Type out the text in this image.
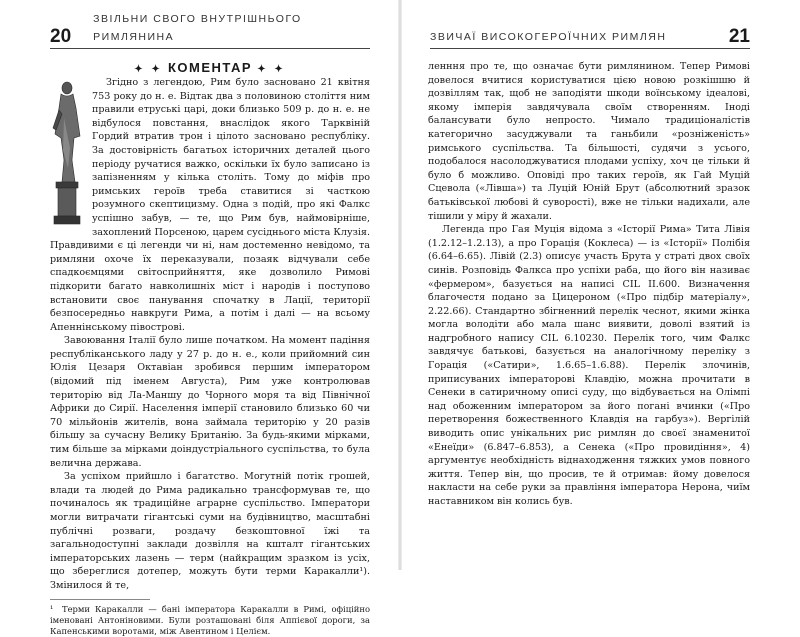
20
ЗВІЛЬНИ СВОГО ВНУТРІШНЬОГО РИМЛЯНИНА
✦ ✦ КОМЕНТАР ✦ ✦

Згідно з легендою, Рим було засновано 21 квітня 753 року до н. е. Відтак два з половиною століття ним правили етруські царі, доки близько 509 р. до н. е. не відбулося повстання, внаслідок якого Тарквіній Гордий втратив трон і цілото засновано республіку. За достовірність багатьох історичних деталей цього періоду ручатися важко, оскільки їх було записано із запізненням у кілька століть. Тому до міфів про римських героїв треба ставитися зі часткою розумного скептицизму. Одна з подій, про які Фалкс успішно забув, — те, що Рим був, наймовірніше, захоплений Порсеною, царем сусіднього міста Клузія. Правдивими є ці легенди чи ні, нам достеменно невідомо, та римляни охоче їх переказували, позаяк відчували себе спадкоємцями світосприйняття, яке дозволило Римові підкорити багато навколишніх міст і народів і поступово встановити своє панування спочатку в Лації, території безпосередньо навкруги Рима, а потім і далі — на всьому Апеннінському півострові.

Завоювання Італії було лише початком. На момент падіння республіканського ладу у 27 р. до н. е., коли прийомний син Юлія Цезаря Октавіан зробився першим імператором (відомий під іменем Августа), Рим уже контролював територію від Ла-Маншу до Чорного моря та від Північної Африки до Сирії. Населення імперії становило близько 60 чи 70 мільйонів жителів, вона займала територію у 20 разів більшу за сучасну Велику Британію. За будь-якими мірками, тим більше за мірками доіндустріального суспільства, то була велична держава.

За успіхом прийшло і багатство. Могутній потік грошей, влади та людей до Рима радикально трансформував те, що починалось як традиційне аграрне суспільство. Імператори могли витрачати гігантські суми на будівництво, масштабні публічні розваги, роздачу безкоштовної їжі та загальнодоступні заклади дозвілля на кшталт гігантських імператорських лазень — терм (найкращим зразком із усіх, що збереглися дотепер, можуть бути терми Каракалли¹). Змінилося й те,

¹ Терми Каракалли — бані імператора Каракалли в Римі, офіційно іменовані Антоніновими. Були розташовані біля Аппієвої дороги, за Капенськими воротами, між Авентином і Целієм.
ЗВИЧАЇ ВИСОКОГЕРОЇЧНИХ РИМЛЯН	21

ленння про те, що означає бути римлянином. Тепер Римові довелося вчитися користуватися цією новою розкішшю й дозвіллям так, щоб не заподіяти шкоди воїнському ідеалові, якому імперія завдячувала своїм створенням. Іноді балансувати було непросто. Чимало традиціоналістів категорично засуджували та ганьбили «розніженість» римського суспільства. Та більшості, судячи з усього, подобалося насолоджуватися плодами успіху, хоч це тільки й було б можливо. Оповіді про таких героїв, як Гай Муцій Сцевола («Лівша») та Луцій Юній Брут (абсолютний зразок батьківської любові й суворості), вже не тільки надихали, але тішили у міру й жахали.

Легенда про Гая Муція відома з «Історії Рима» Тита Лівія (1.2.12–1.2.13), а про Горація (Коклеса) — із «Історії» Полібія (6.64–6.65). Лівій (2.3) описує участь Брута у страті двох своїх синів. Розповідь Фалкса про успіхи раба, що його він називає «фермером», базується на написі CIL II.600. Визначення благочестя подано за Цицероном («Про підбір матеріалу», 2.22.66). Стандартно збігненний перелік чеснот, якими жінка могла володіти або мала шанс виявити, доволі взятий із надгробного напису CIL 6.10230. Перелік того, чим Фалкс завдячує батькові, базується на аналогічному переліку з Горація («Сатири», 1.6.65–1.6.88). Перелік злочинів, приписуваних імператорові Клавдію, можна прочитати в Сенеки в сатиричному описі суду, що відбувається на Олімпі над обоженним імператором за його погані вчинки («Про перетворення божественного Клавдія на гарбуз»). Вергілій виводить опис унікальних рис римлян до своєї знаменитої «Енеїди» (6.847–6.853), а Сенека («Про провидіння», 4) аргументує необхідність віднаходження тяжких умов повного життя. Тепер він, що просив, те й отримав: йому довелося накласти на себе руки за правління імператора Нерона, чиїм наставником він колись був.
